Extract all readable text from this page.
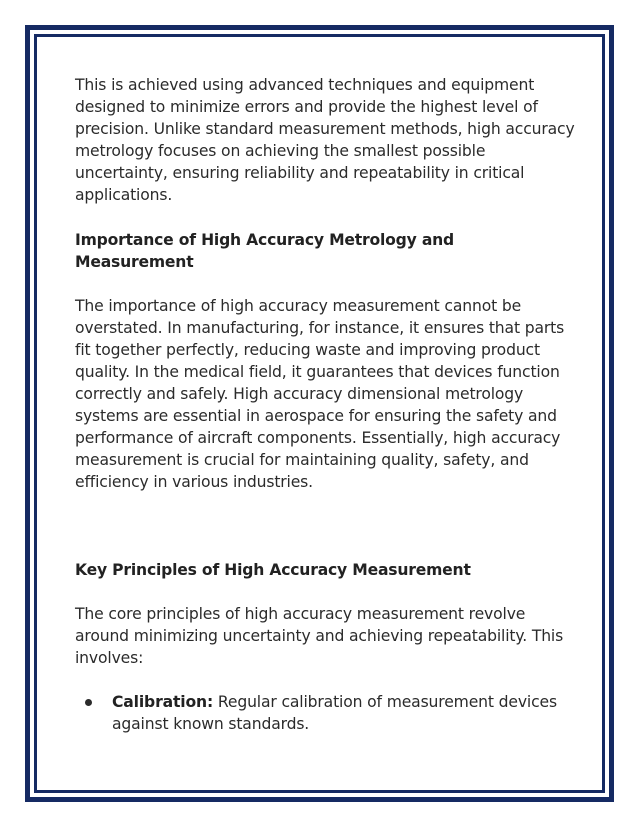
This is achieved using advanced techniques and equipment designed to minimize errors and provide the highest level of precision. Unlike standard measurement methods, high accuracy metrology focuses on achieving the smallest possible uncertainty, ensuring reliability and repeatability in critical applications.

Importance of High Accuracy Metrology and Measurement

The importance of high accuracy measurement cannot be overstated. In manufacturing, for instance, it ensures that parts fit together perfectly, reducing waste and improving product quality. In the medical field, it guarantees that devices function correctly and safely. High accuracy dimensional metrology systems are essential in aerospace for ensuring the safety and performance of aircraft components. Essentially, high accuracy measurement is crucial for maintaining quality, safety, and efficiency in various industries.

Key Principles of High Accuracy Measurement

The core principles of high accuracy measurement revolve around minimizing uncertainty and achieving repeatability. This involves:

Calibration: Regular calibration of measurement devices against known standards.
